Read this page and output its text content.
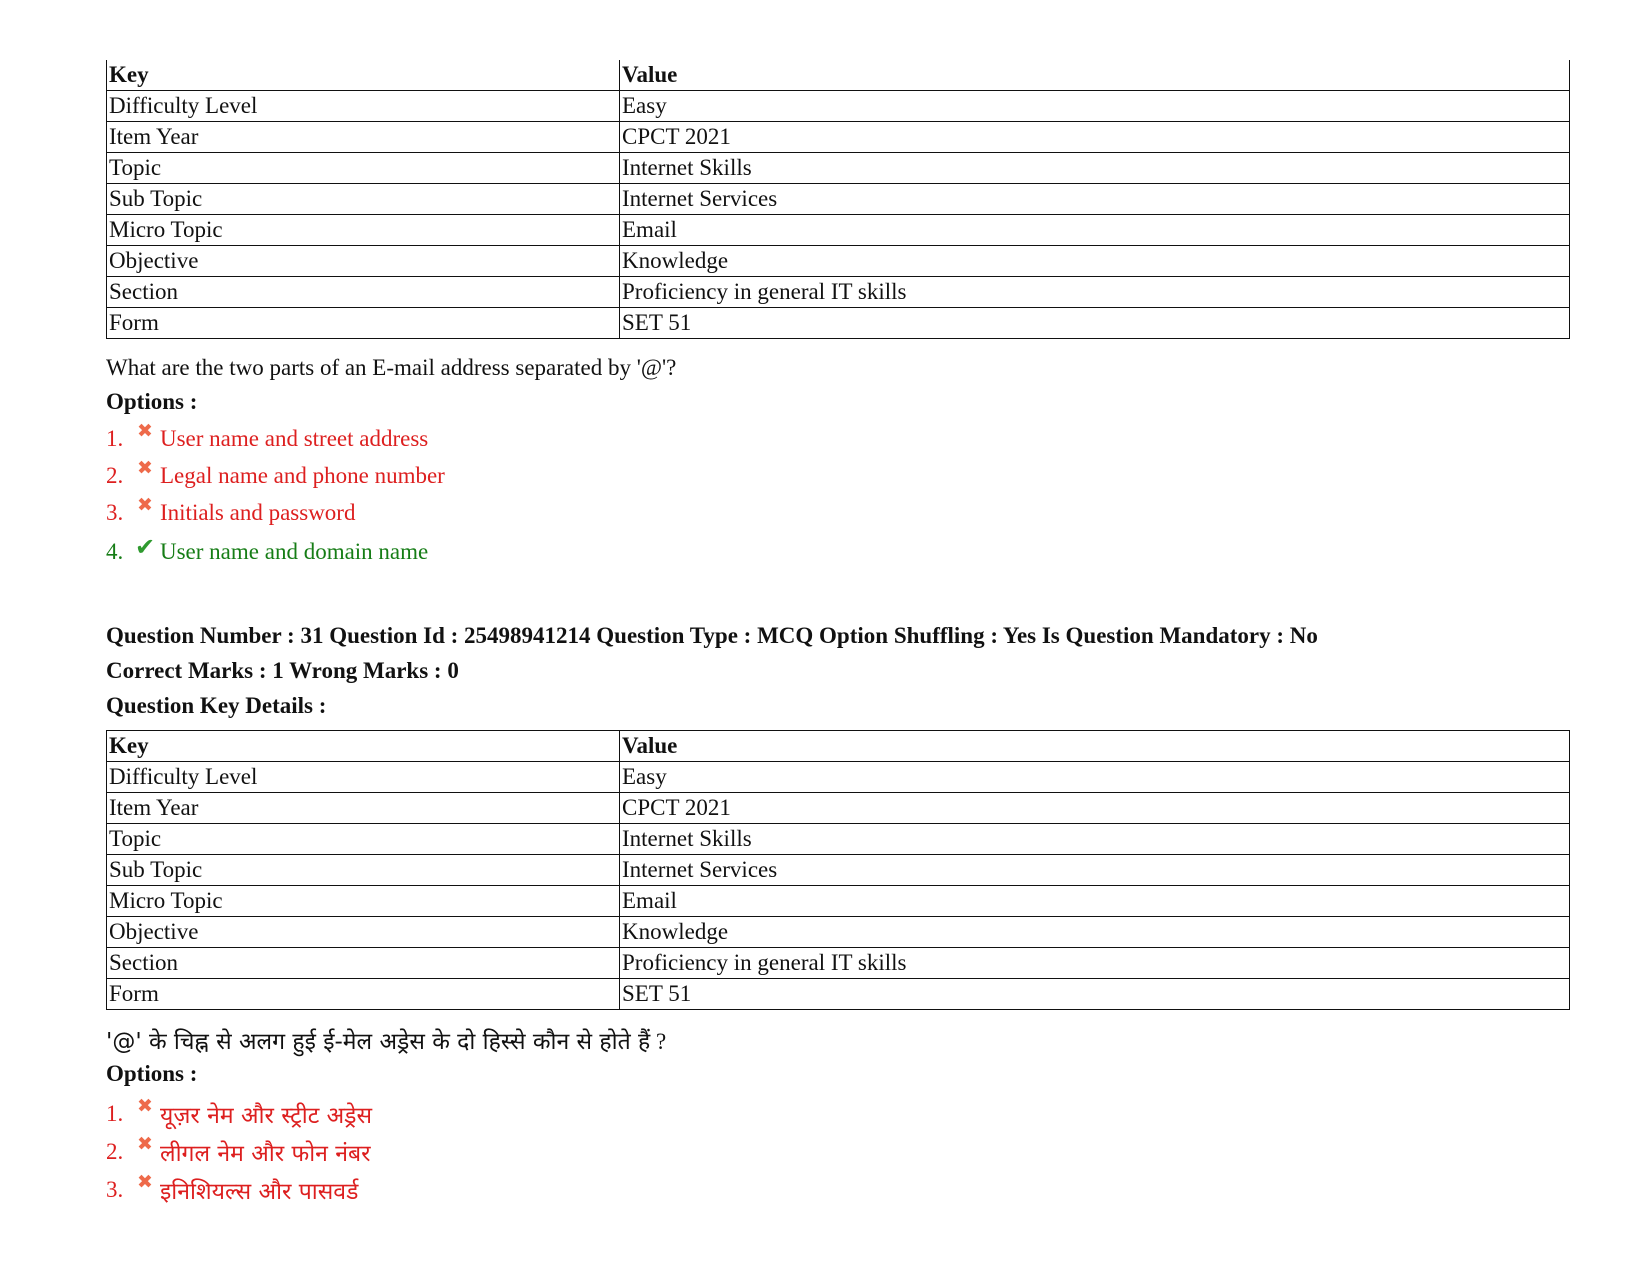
Key	Value
Difficulty Level	Easy
Item Year	CPCT 2021
Topic	Internet Skills
Sub Topic	Internet Services
Micro Topic	Email
Objective	Knowledge
Section	Proficiency in general IT skills
Form	SET 51
What are the two parts of an E-mail address separated by '@'?
Options :
1. ✖ User name and street address
2. ✖ Legal name and phone number
3. ✖ Initials and password
4. ✔ User name and domain name
Question Number : 31 Question Id : 25498941214 Question Type : MCQ Option Shuffling : Yes Is Question Mandatory : No
Correct Marks : 1 Wrong Marks : 0
Question Key Details :
Key	Value
Difficulty Level	Easy
Item Year	CPCT 2021
Topic	Internet Skills
Sub Topic	Internet Services
Micro Topic	Email
Objective	Knowledge
Section	Proficiency in general IT skills
Form	SET 51
'@' के चिह्न से अलग हुई ई-मेल अड्रेस के दो हिस्से कौन से होते हैं ?
Options :
1. ✖ यूज़र नेम और स्ट्रीट अड्रेस
2. ✖ लीगल नेम और फोन नंबर
3. ✖ इनिशियल्स और पासवर्ड
